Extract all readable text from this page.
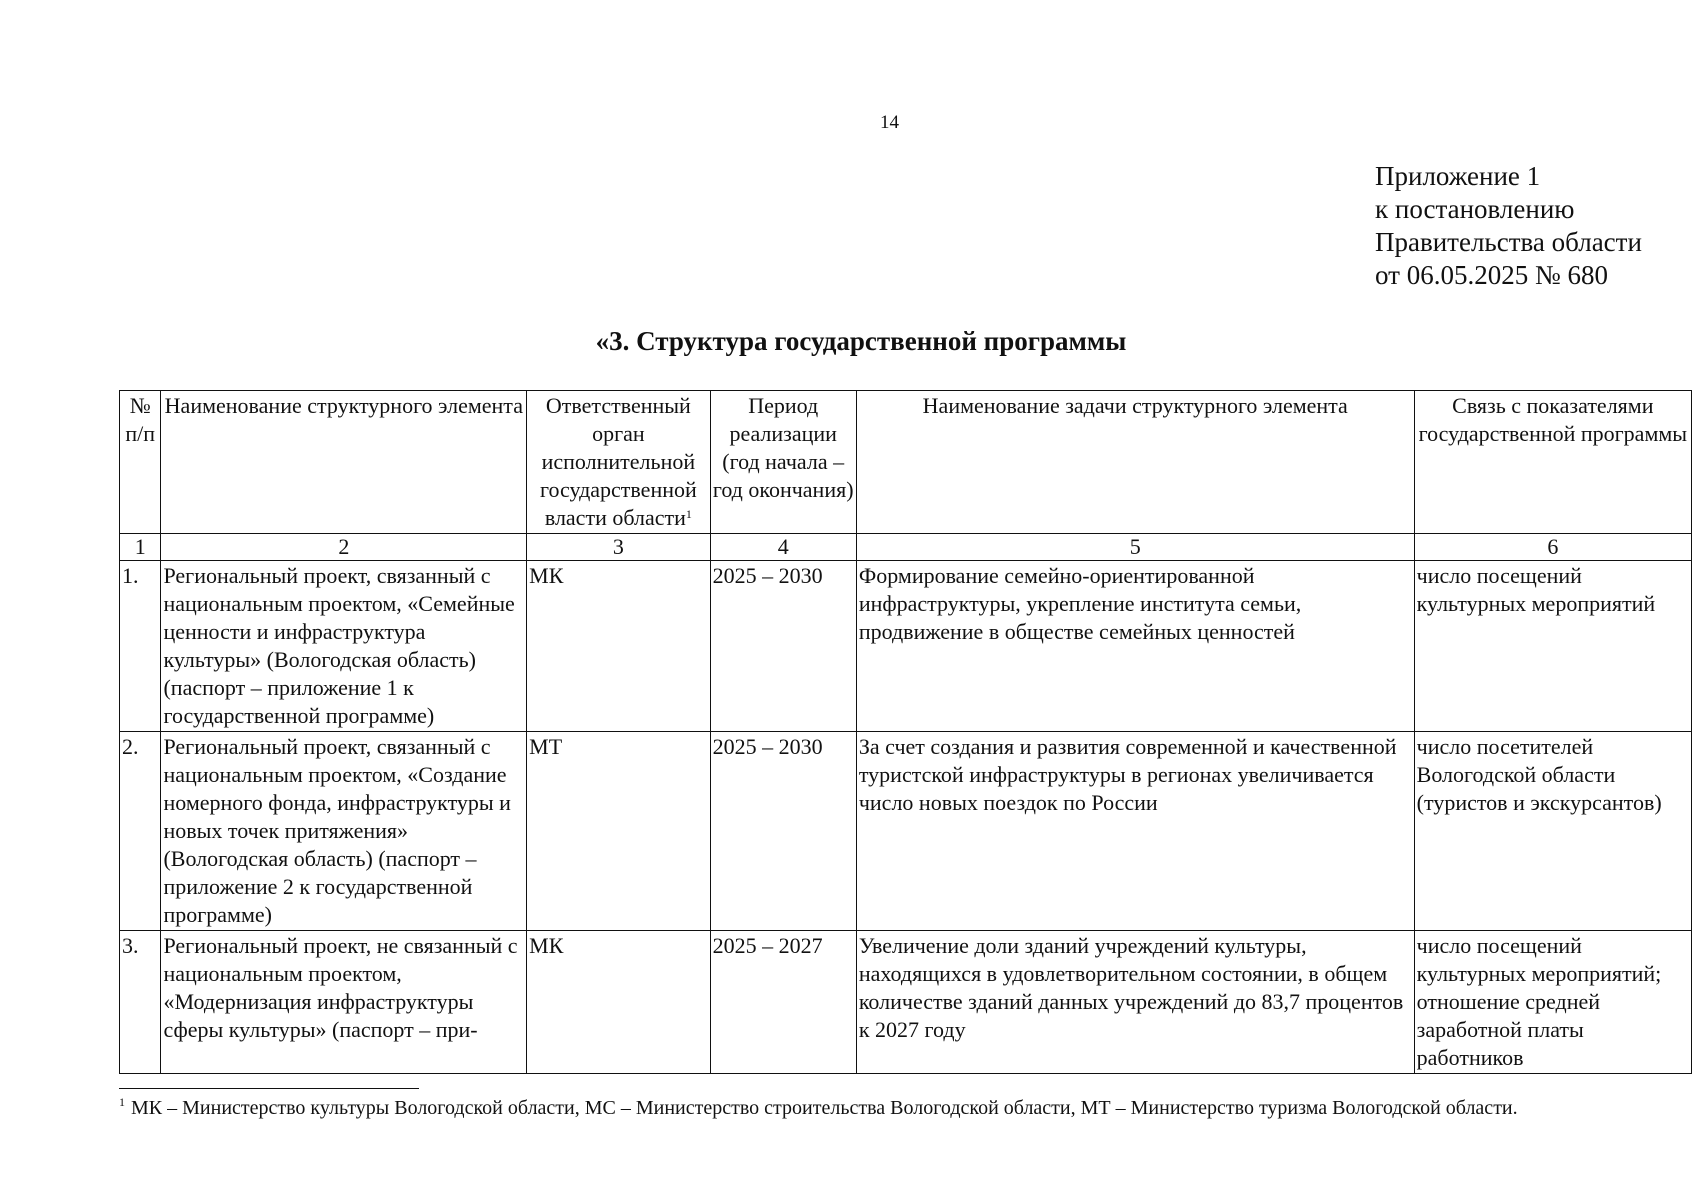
14
Приложение 1
к постановлению
Правительства области
от 06.05.2025 № 680
«3. Структура государственной программы
№ п/п	Наименование структурного элемента	Ответственный орган исполнительной государственной власти области$^1$	Период реализации (год начала – год окончания)	Наименование задачи структурного элемента	Связь с показателями государственной программы
1	2	3	4	5	6
1.	Региональный проект, связанный с национальным проектом, «Семейные ценности и инфраструктура культуры» (Вологодская область) (паспорт – приложение 1 к государственной программе)	МК	2025 – 2030	Формирование семейно-ориентированной инфраструктуры, укрепление института семьи, продвижение в обществе семейных ценностей	число посещений культурных мероприятий
2.	Региональный проект, связанный с национальным проектом, «Создание номерного фонда, инфраструктуры и новых точек притяжения» (Вологодская область) (паспорт – приложение 2 к государственной программе)	МТ	2025 – 2030	За счет создания и развития современной и качественной туристской инфраструктуры в регионах увеличивается число новых поездок по России	число посетителей Вологодской области (туристов и экскурсантов)
3.	Региональный проект, не связанный с национальным проектом, «Модернизация инфраструктуры сферы культуры» (паспорт – при-	МК	2025 – 2027	Увеличение доли зданий учреждений культуры, находящихся в удовлетворительном состоянии, в общем количестве зданий данных учреждений до 83,7 процентов к 2027 году	число посещений культурных мероприятий; отношение средней заработной платы работников
$^1$ МК – Министерство культуры Вологодской области, МС – Министерство строительства Вологодской области, МТ – Министерство туризма Вологодской области.
